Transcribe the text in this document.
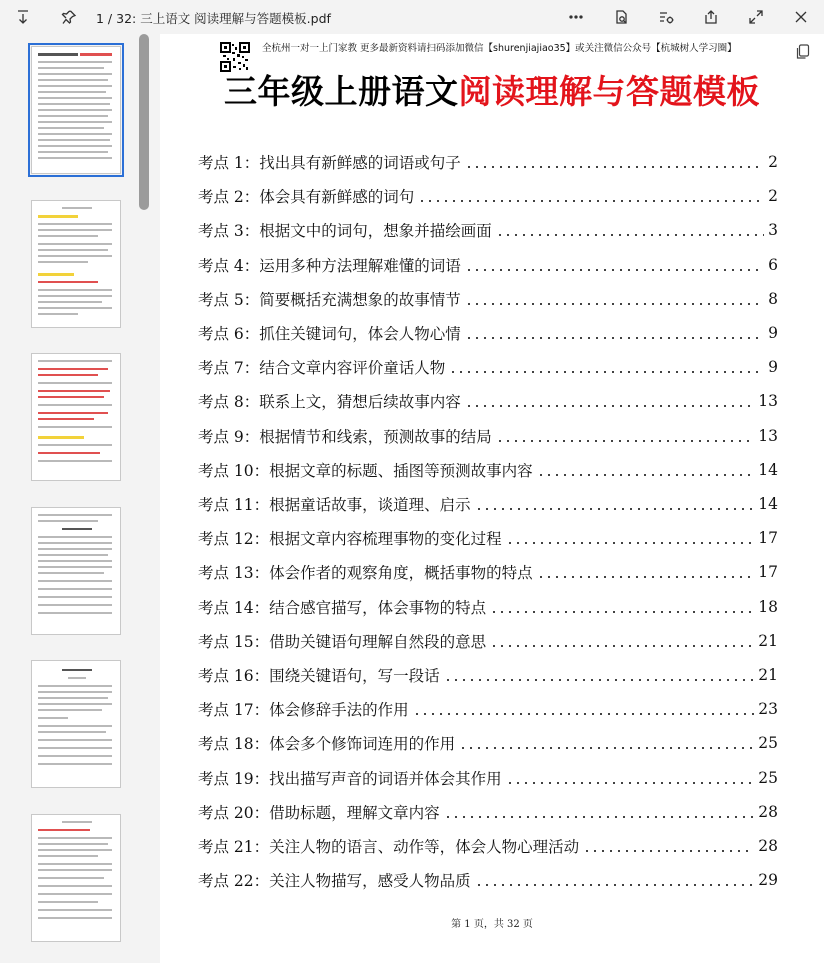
1 / 32: 三上语文 阅读理解与答题模板.pdf
全杭州一对一上门家教 更多最新资料请扫码添加微信【shurenjiajiao35】或关注微信公众号【杭城树人学习圈】
三年级上册语文阅读理解与答题模板
考点 1：找出具有新鲜感的词语或句子	2
考点 2：体会具有新鲜感的词句	2
考点 3：根据文中的词句，想象并描绘画面	3
考点 4：运用多种方法理解难懂的词语	6
考点 5：简要概括充满想象的故事情节	8
考点 6：抓住关键词句，体会人物心情	9
考点 7：结合文章内容评价童话人物	9
考点 8：联系上文，猜想后续故事内容	13
考点 9：根据情节和线索，预测故事的结局	13
考点 10：根据文章的标题、插图等预测故事内容	14
考点 11：根据童话故事，谈道理、启示	14
考点 12：根据文章内容梳理事物的变化过程	17
考点 13：体会作者的观察角度，概括事物的特点	17
考点 14：结合感官描写，体会事物的特点	18
考点 15：借助关键语句理解自然段的意思	21
考点 16：围绕关键语句，写一段话	21
考点 17：体会修辞手法的作用	23
考点 18：体会多个修饰词连用的作用	25
考点 19：找出描写声音的词语并体会其作用	25
考点 20：借助标题，理解文章内容	28
考点 21：关注人物的语言、动作等，体会人物心理活动	28
考点 22：关注人物描写，感受人物品质	29
第 1 页，共 32 页
